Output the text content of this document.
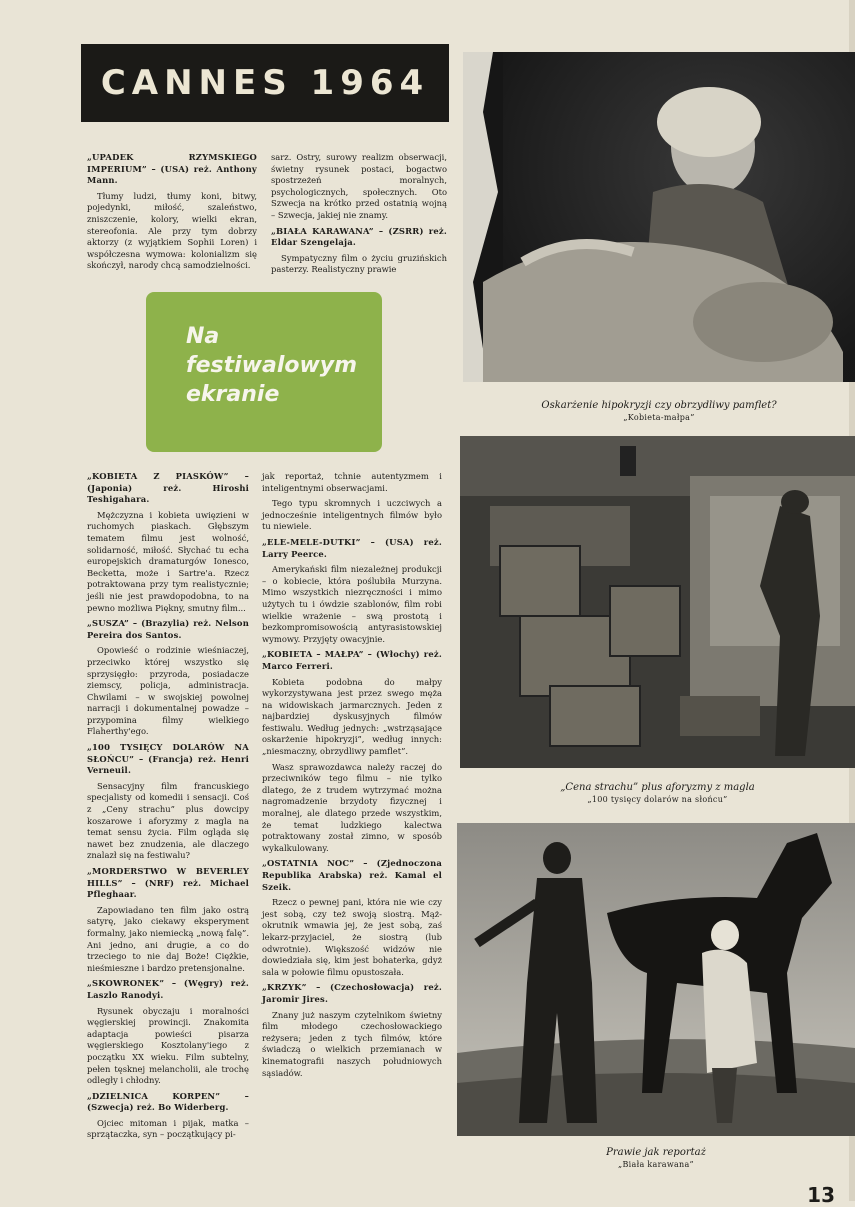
CANNES 1964

„UPADEK RZYMSKIEGO IMPERIUM” – (USA) reż. Anthony Mann.

Tłumy ludzi, tłumy koni, bitwy, pojedynki, miłość, szaleństwo, zniszczenie, kolory, wielki ekran, stereofonia. Ale przy tym dobrzy aktorzy (z wyjątkiem Sophii Loren) i współczesna wymowa: kolonializm się skończył, narody chcą samodzielności.

sarz. Ostry, surowy realizm obserwacji, świetny rysunek postaci, bogactwo spostrzeżeń moralnych, psychologicznych, społecznych. Oto Szwecja na krótko przed ostatnią wojną – Szwecja, jakiej nie znamy.

„BIAŁA KARAWANA” – (ZSRR) reż. Eldar Szengelaja.

Sympatyczny film o życiu gruzińskich pasterzy. Realistyczny prawie

Na
festiwalowym
ekranie

„KOBIETA Z PIASKÓW” – (Japonia) reż. Hiroshi Teshigahara.

Mężczyzna i kobieta uwięzieni w ruchomych piaskach. Głębszym tematem filmu jest wolność, solidarność, miłość. Słychać tu echa europejskich dramaturgów Ionesco, Becketta, może i Sartre'a. Rzecz potraktowana przy tym realistycznie; jeśli nie jest prawdopodobna, to na pewno możliwa Piękny, smutny film...

„SUSZA” – (Brazylia) reż. Nelson Pereira dos Santos.

Opowieść o rodzinie wieśniaczej, przeciwko której wszystko się sprzysięgło: przyroda, posiadacze ziemscy, policja, administracja. Chwilami – w swojskiej powolnej narracji i dokumentalnej powadze – przypomina filmy wielkiego Flaherthy'ego.

„100 TYSIĘCY DOLARÓW NA SŁOŃCU” – (Francja) reż. Henri Verneuil.

Sensacyjny film francuskiego specjalisty od komedii i sensacji. Coś z „Ceny strachu” plus dowcipy koszarowe i aforyzmy z magla na temat sensu życia. Film ogląda się nawet bez znudzenia, ale dlaczego znalazł się na festiwalu?

„MORDERSTWO W BEVERLEY HILLS” – (NRF) reż. Michael Pfleghaar.

Zapowiadano ten film jako ostrą satyrę, jako ciekawy eksperyment formalny, jako niemiecką „nową falę”. Ani jedno, ani drugie, a co do trzeciego to nie daj Boże! Ciężkie, nieśmieszne i bardzo pretensjonalne.

„SKOWRONEK” – (Węgry) reż. Laszlo Ranodyi.

Rysunek obyczaju i moralności węgierskiej prowincji. Znakomita adaptacja powieści pisarza węgierskiego Kosztolany'iego z początku XX wieku. Film subtelny, pełen tęsknej melancholii, ale trochę odległy i chłodny.

„DZIELNICA KORPEN” – (Szwecja) reż. Bo Widerberg.

Ojciec mitoman i pijak, matka – sprzątaczka, syn – początkujący pi-

jak reportaż, tchnie autentyzmem i inteligentnymi obserwacjami.

Tego typu skromnych i uczciwych a jednocześnie inteligentnych filmów było tu niewiele.

„ELE-MELE-DUTKI” – (USA) reż. Larry Peerce.

Amerykański film niezależnej produkcji – o kobiecie, która poślubiła Murzyna. Mimo wszystkich niezręczności i mimo użytych tu i ówdzie szablonów, film robi wielkie wrażenie – swą prostotą i bezkompromisowością antyrasistowskiej wymowy. Przyjęty owacyjnie.

„KOBIETA – MAŁPA” – (Włochy) reż. Marco Ferreri.

Kobieta podobna do małpy wykorzystywana jest przez swego męża na widowiskach jarmarcznych. Jeden z najbardziej dyskusyjnych filmów festiwalu. Według jednych: „wstrząsające oskarżenie hipokryzji”, według innych: „niesmaczny, obrzydliwy pamflet”.

Wasz sprawozdawca należy raczej do przeciwników tego filmu – nie tylko dlatego, że z trudem wytrzymać można nagromadzenie brzydoty fizycznej i moralnej, ale dlatego przede wszystkim, że temat ludzkiego kalectwa potraktowany został zimno, w sposób wykalkulowany.

„OSTATNIA NOC” – (Zjednoczona Republika Arabska) reż. Kamal el Szeik.

Rzecz o pewnej pani, która nie wie czy jest sobą, czy też swoją siostrą. Mąż-okrutnik wmawia jej, że jest sobą, zaś lekarz-przyjaciel, że siostrą (lub odwrotnie). Większość widzów nie dowiedziała się, kim jest bohaterka, gdyż sala w połowie filmu opustoszała.

„KRZYK” – (Czechosłowacja) reż. Jaromir Jires.

Znany już naszym czytelnikom świetny film młodego czechosłowackiego reżysera; jeden z tych filmów, które świadczą o wielkich przemianach w kinematografii naszych południowych sąsiadów.

Oskarżenie hipokryzji czy obrzydliwy pamflet?
„Kobieta-małpa”
„Cena strachu” plus aforyzmy z magla
„100 tysięcy dolarów na słońcu”
Prawie jak reportaż
„Biała karawana”
13
